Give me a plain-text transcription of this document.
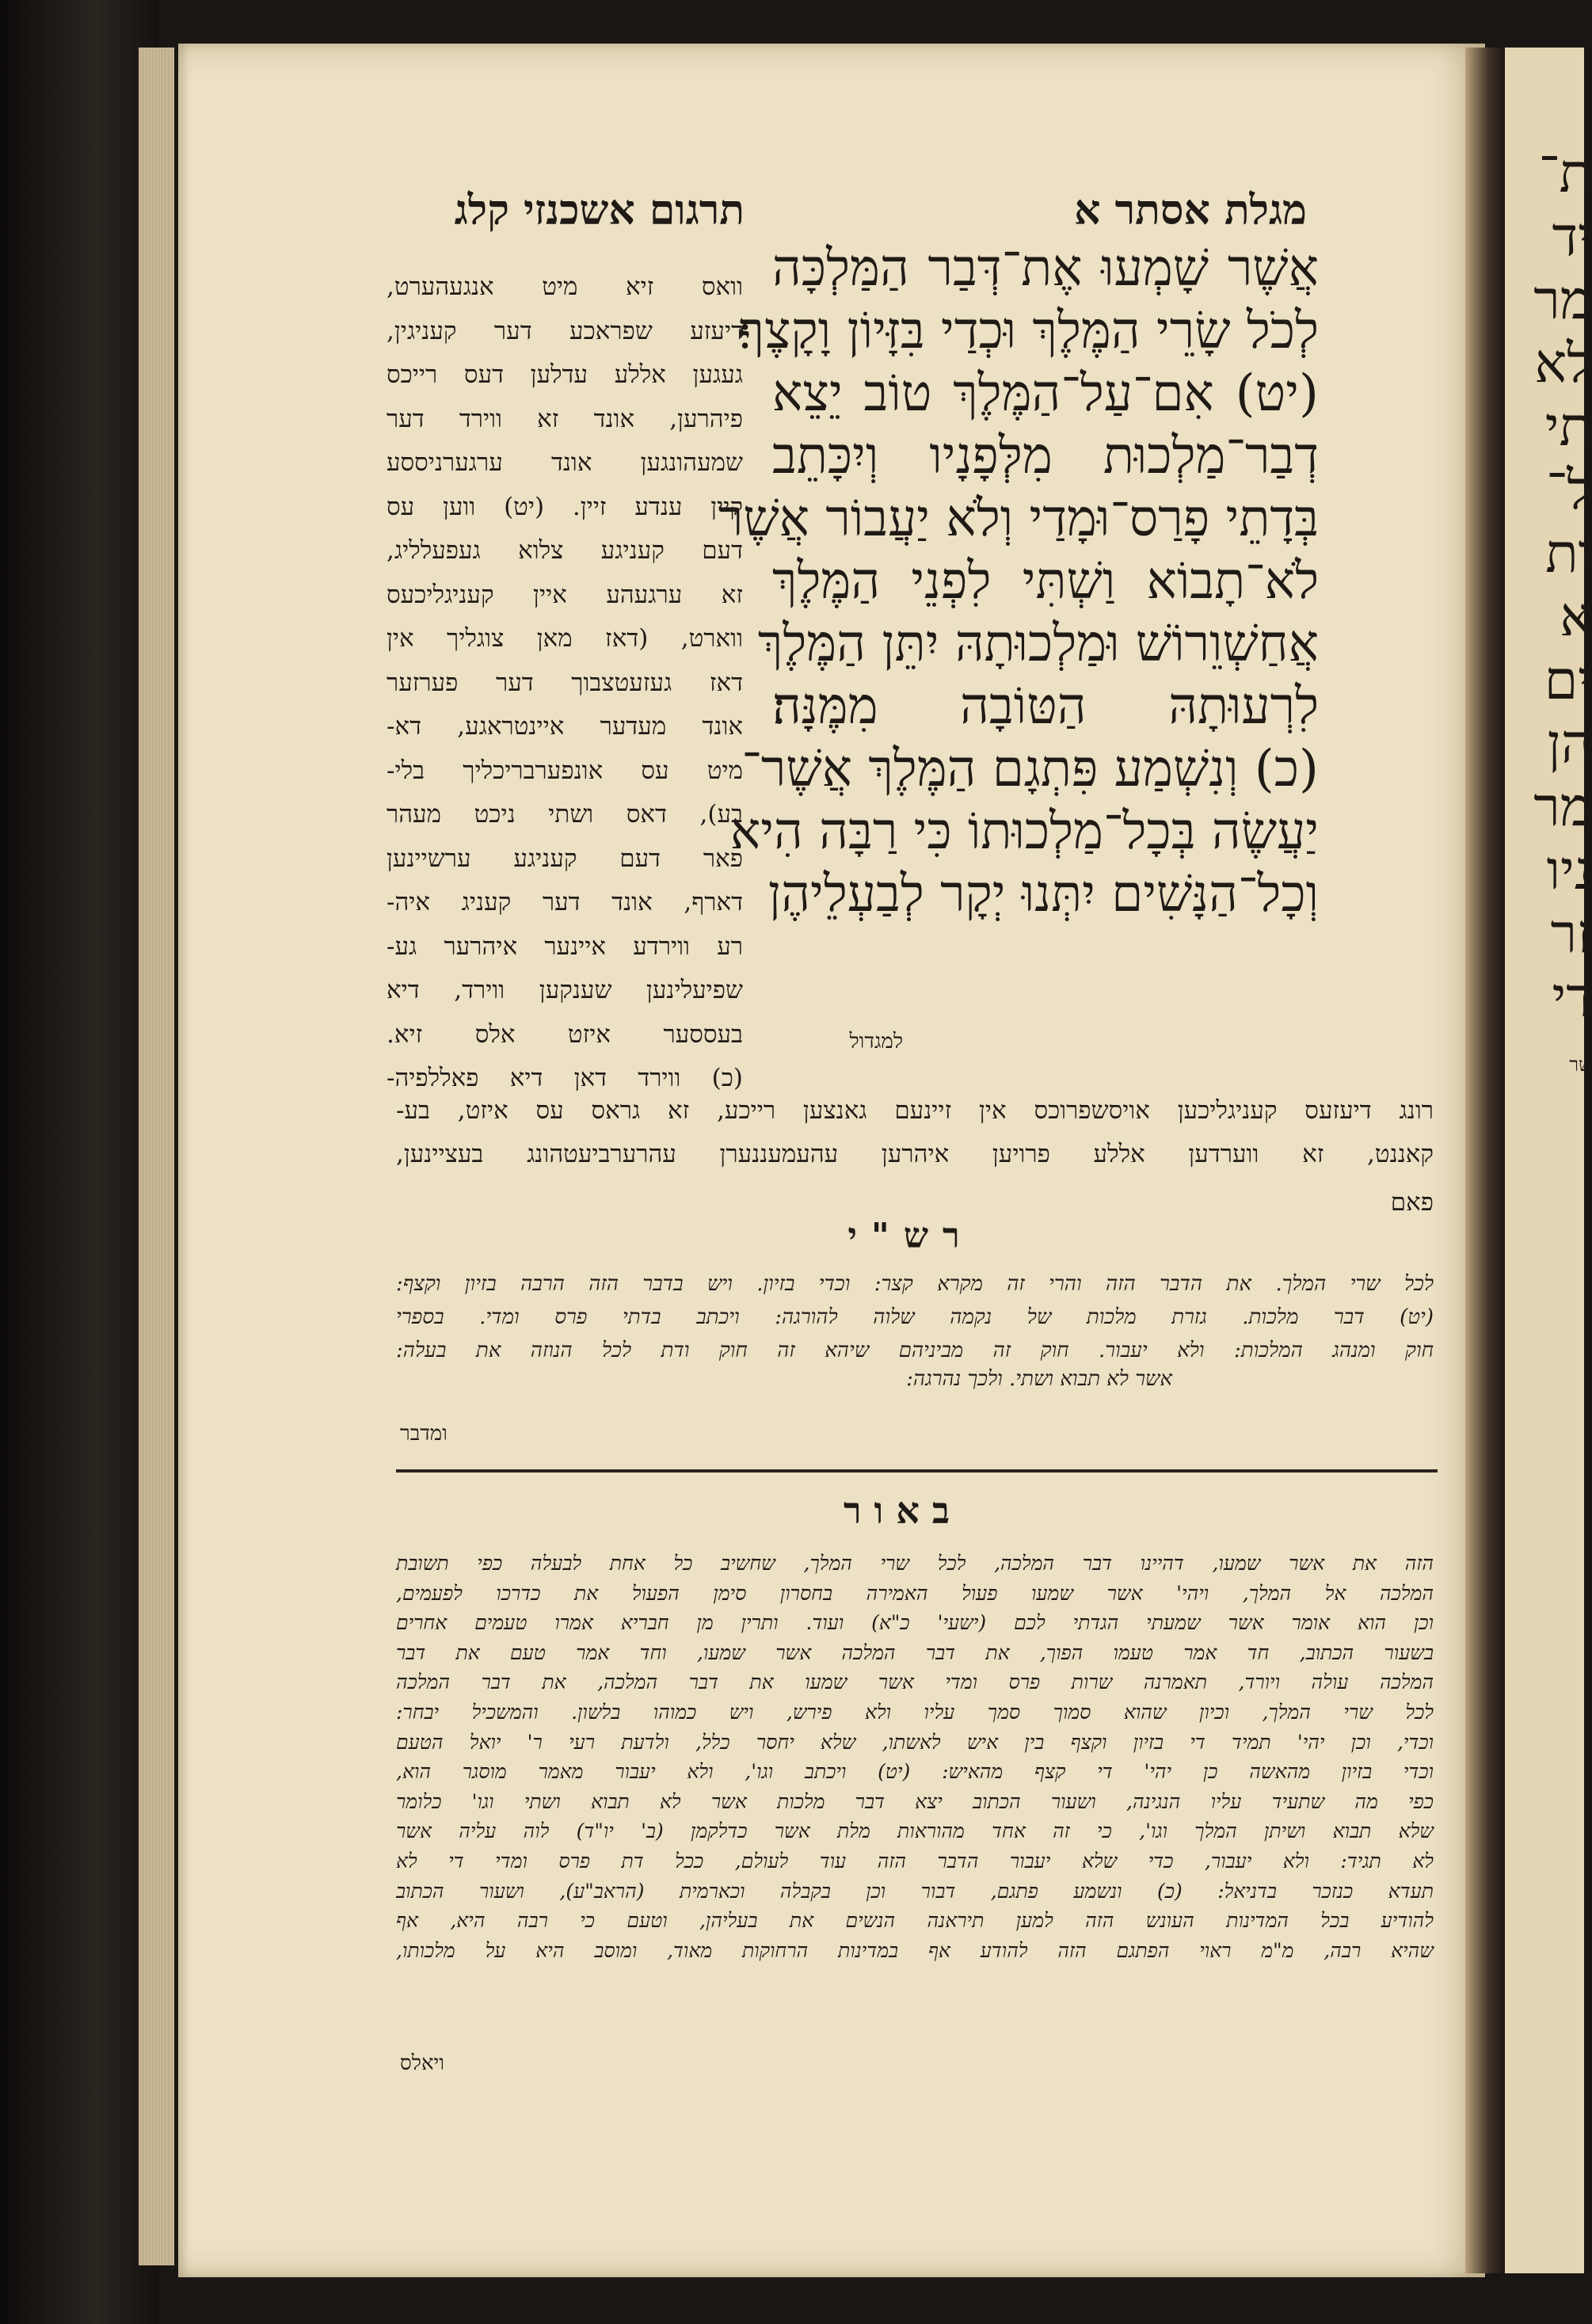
ת־
יד
מר
לא
תי
ל־
ות
א
ים
הן
מר
ניו
זר
די
שר
תרגום אשכנזי קלג	מגלת אסתר א
אֲשֶׁר שָׁמְעוּ אֶת־דְּבַר הַמַּלְכָּה
לְכֹל שָׂרֵי הַמֶּלֶךְ וּכְדַי בִּזָּיוֹן וָקָצֶף׃
(יט) אִם־עַל־הַמֶּלֶךְ טוֹב יֵצֵא
דְבַר־מַלְכוּת מִלְּפָנָיו וְיִכָּתֵב
בְּדָתֵי פָרַס־וּמָדַי וְלֹא יַעֲבוֹר אֲשֶׁר
לֹא־תָבוֹא וַשְׁתִּי לִפְנֵי הַמֶּלֶךְ
אֲחַשְׁוֵרוֹשׁ וּמַלְכוּתָהּ יִתֵּן הַמֶּלֶךְ
לִרְעוּתָהּ הַטּוֹבָה מִמֶּנָּה׃
(כ) וְנִשְׁמַע פִּתְגָם הַמֶּלֶךְ אֲשֶׁר־
יַעֲשֶׂה בְּכָל־מַלְכוּתוֹ כִּי רַבָּה הִיא
וְכָל־הַנָּשִׁים יִתְּנוּ יְקָר לְבַעְלֵיהֶן
למגדול
וואס זיא מיט אנגעהערט,
דיעזע שפראכע דער קעניגין,
געגען אללע עדלען דעס רייכס
פיהרען, אונד זא ווירד דער
שמעהונגען אונד ערגערניססע
קיין ענדע זיין. (יט) ווען עס
דעם קעניגע צלוא געפעלליג,
זא ערגעהע איין קעניגליכעס
ווארט, (דאז מאן צוגליך אין
דאז געזעטצבוך דער פערזער
אונד מעדער איינטראגע, דא-
מיט עס אונפערבריכליך בלי-
בע), דאס ושתי ניכט מעהר
פאר דעם קעניגע ערשיינען
דארף, אונד דער קעניג איה-
רע ווירדע איינער איהרער גע-
שפיעלינען שענקען ווירד, דיא
בעססער איזט אלס זיא.
(כ) ווירד דאן דיא פאללפיה-
רונג דיעזעס קעניגליכען אויסשפרוכס אין זיינעם גאנצען רייכע, זא גראס עס איזט, בע-
קאננט, זא ווערדען אללע פרויען איהרען עהעמעננערן עהרערביעטהונג בעציינען,
פאם
רש"י
לכל שרי המלך. את הדבר הזה והרי זה מקרא קצר: וכדי בזיון. ויש בדבר הזה הרבה בזיון וקצף:
(יט) דבר מלכות. גזרת מלכות של נקמה שלוה להורגה: ויכתב בדתי פרס ומדי. בספרי
חוק ומנהג המלכות: ולא יעבור. חוק זה מביניהם שיהא זה חוק ודת לכל הנוזה את בעלה:
אשר לא תבוא ושתי. ולכך נהרגה:
ומדבר
באור
הזה את אשר שמעו, דהיינו דבר המלכה, לכל שרי המלך, שחשיב כל אחת לבעלה כפי תשובת
המלכה אל המלך, ויהי' אשר שמעו פעול האמירה בחסרון סימן הפעול את כדרכו לפעמים,
וכן הוא אומר אשר שמעתי הגדתי לכם (ישעי' כ"א) ועוד. ותרין מן חבריא אמרו טעמים אחרים
בשעור הכתוב, חד אמר טעמו הפוך, את דבר המלכה אשר שמעו, וחד אמר טעם את דבר
המלכה עולה ויורד, תאמרנה שרות פרס ומדי אשר שמעו את דבר המלכה, את דבר המלכה
לכל שרי המלך, וכיון שהוא סמוך סמך עליו ולא פירש, ויש כמוהו בלשון. והמשכיל יבחר:
וכדי, וכן יהי' תמיד די בזיון וקצף בין איש לאשתו, שלא יחסר כלל, ולדעת רעי ר' יואל הטעם
וכדי בזיון מהאשה כן יהי' די קצף מהאיש: (יט) ויכתב וגו', ולא יעבור מאמר מוסגר הוא,
כפי מה שתעיד עליו הנגינה, ושעור הכתוב יצא דבר מלכות אשר לא תבוא ושתי וגו' כלומר
שלא תבוא ושיתן המלך וגו', כי זה אחד מהוראות מלת אשר כדלקמן (ב' יו"ד) לוה עליה אשר
לא תגיד: ולא יעבור, כדי שלא יעבור הדבר הזה עוד לעולם, ככל דת פרס ומדי די לא
תעדא כנזכר בדניאל: (כ) ונשמע פתגם, דבור וכן בקבלה וכארמית (הראב"ע), ושעור הכתוב
להודיע בכל המדינות העונש הזה למען תיראנה הנשים את בעליהן, וטעם כי רבה היא, אף
שהיא רבה, מ"מ ראוי הפתגם הזה להודע אף במדינות הרחוקות מאוד, ומוסב היא על מלכותו,
ויאלס
